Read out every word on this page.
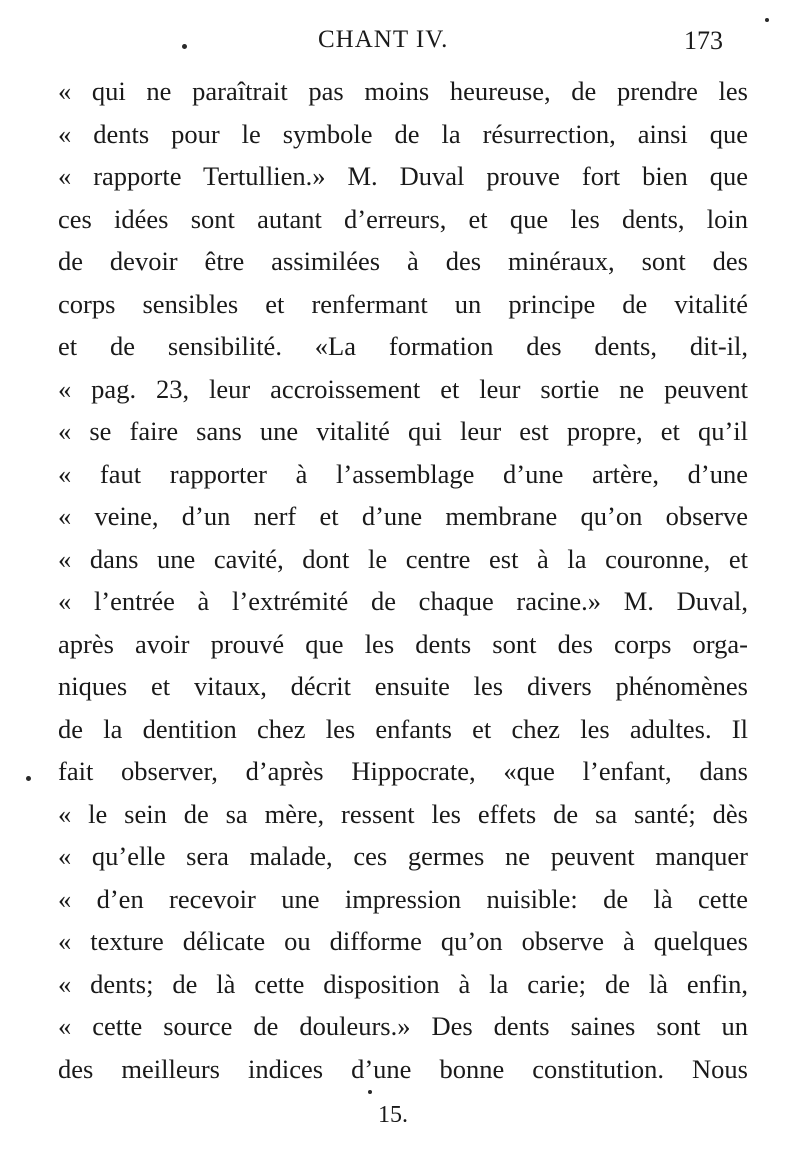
CHANT IV.	173
« qui ne paraîtrait pas moins heureuse, de prendre les
« dents pour le symbole de la résurrection, ainsi que
« rapporte Tertullien.» M. Duval prouve fort bien que
ces idées sont autant d’erreurs, et que les dents, loin
de devoir être assimilées à des minéraux, sont des
corps sensibles et renfermant un principe de vitalité
et de sensibilité. «La formation des dents, dit-il,
« pag. 23, leur accroissement et leur sortie ne peuvent
« se faire sans une vitalité qui leur est propre, et qu’il
« faut rapporter à l’assemblage d’une artère, d’une
« veine, d’un nerf et d’une membrane qu’on observe
« dans une cavité, dont le centre est à la couronne, et
« l’entrée à l’extrémité de chaque racine.» M. Duval,
après avoir prouvé que les dents sont des corps orga-
niques et vitaux, décrit ensuite les divers phénomènes
de la dentition chez les enfants et chez les adultes. Il
fait observer, d’après Hippocrate, «que l’enfant, dans
« le sein de sa mère, ressent les effets de sa santé; dès
« qu’elle sera malade, ces germes ne peuvent manquer
« d’en recevoir une impression nuisible: de là cette
« texture délicate ou difforme qu’on observe à quelques
« dents; de là cette disposition à la carie; de là enfin,
« cette source de douleurs.» Des dents saines sont un
des meilleurs indices d’une bonne constitution. Nous
15.
